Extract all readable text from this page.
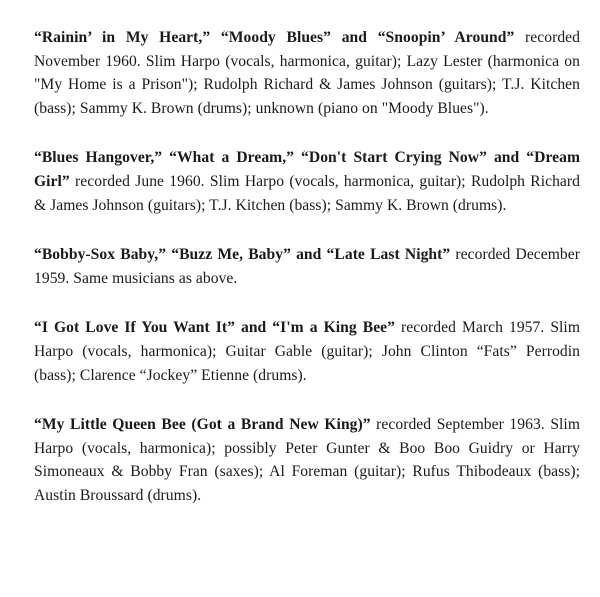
“Rainin’ in My Heart,” “Moody Blues” and “Snoopin’ Around” recorded November 1960. Slim Harpo (vocals, harmonica, guitar); Lazy Lester (harmonica on "My Home is a Prison"); Rudolph Richard & James Johnson (guitars); T.J. Kitchen (bass); Sammy K. Brown (drums); unknown (piano on "Moody Blues").

“Blues Hangover,” “What a Dream,” “Don't Start Crying Now” and “Dream Girl” recorded June 1960. Slim Harpo (vocals, harmonica, guitar); Rudolph Richard & James Johnson (guitars); T.J. Kitchen (bass); Sammy K. Brown (drums).

“Bobby-Sox Baby,” “Buzz Me, Baby” and “Late Last Night” recorded December 1959. Same musicians as above.

“I Got Love If You Want It” and “I'm a King Bee” recorded March 1957. Slim Harpo (vocals, harmonica); Guitar Gable (guitar); John Clinton “Fats” Perrodin (bass); Clarence “Jockey” Etienne (drums).

“My Little Queen Bee (Got a Brand New King)” recorded September 1963. Slim Harpo (vocals, harmonica); possibly Peter Gunter & Boo Boo Guidry or Harry Simoneaux & Bobby Fran (saxes); Al Foreman (guitar); Rufus Thibodeaux (bass); Austin Broussard (drums).
